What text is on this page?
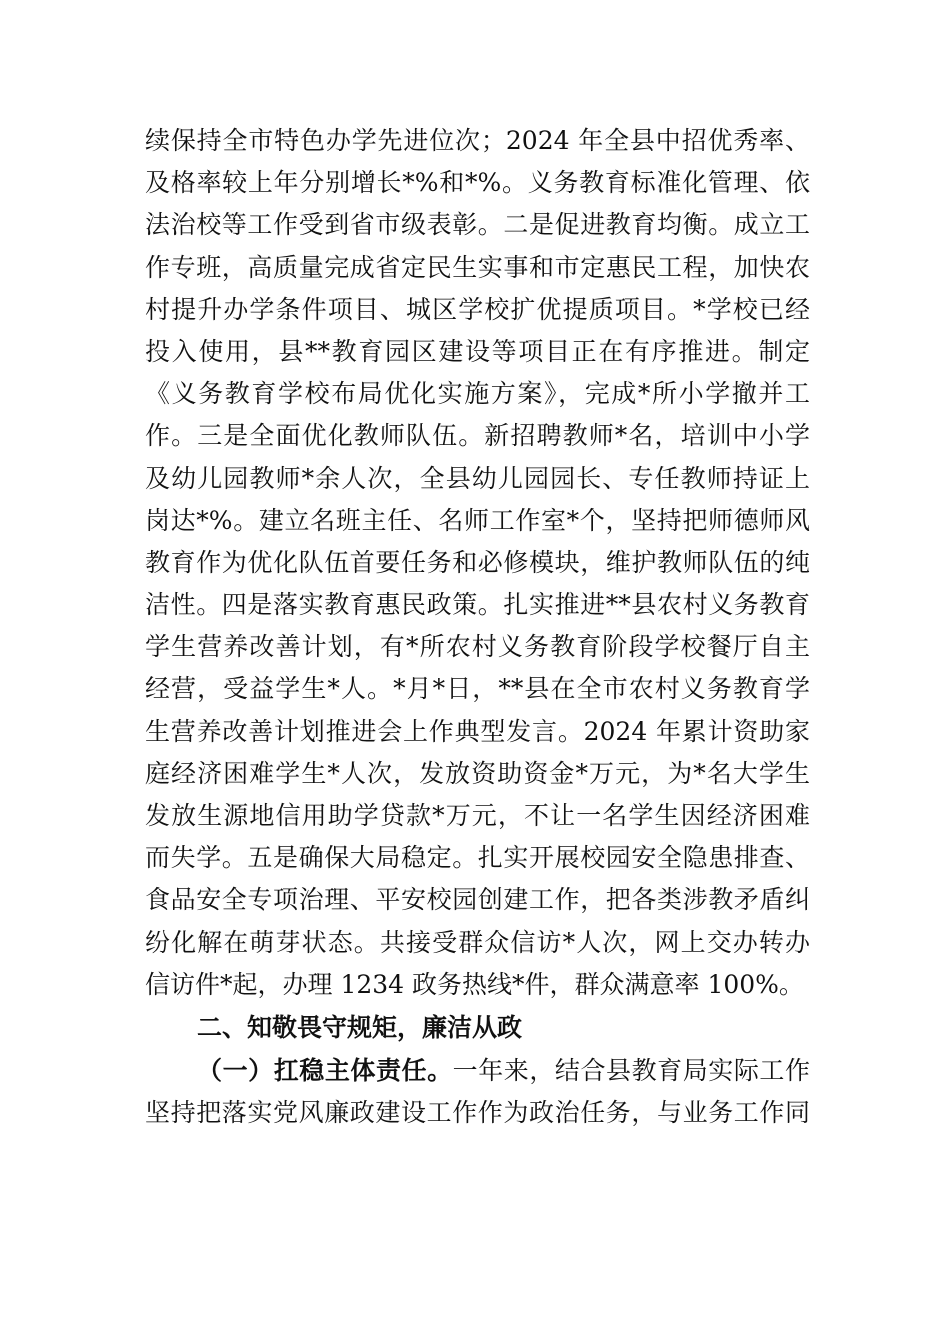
续保持全市特色办学先进位次；2024 年全县中招优秀率、
及格率较上年分别增长*%和*%。义务教育标准化管理、依
法治校等工作受到省市级表彰。二是促进教育均衡。成立工
作专班，高质量完成省定民生实事和市定惠民工程，加快农
村提升办学条件项目、城区学校扩优提质项目。*学校已经
投入使用，县**教育园区建设等项目正在有序推进。制定
《义务教育学校布局优化实施方案》，完成*所小学撤并工
作。三是全面优化教师队伍。新招聘教师*名，培训中小学
及幼儿园教师*余人次，全县幼儿园园长、专任教师持证上
岗达*%。建立名班主任、名师工作室*个，坚持把师德师风
教育作为优化队伍首要任务和必修模块，维护教师队伍的纯
洁性。四是落实教育惠民政策。扎实推进**县农村义务教育
学生营养改善计划，有*所农村义务教育阶段学校餐厅自主
经营，受益学生*人。*月*日，**县在全市农村义务教育学
生营养改善计划推进会上作典型发言。2024 年累计资助家
庭经济困难学生*人次，发放资助资金*万元，为*名大学生
发放生源地信用助学贷款*万元，不让一名学生因经济困难
而失学。五是确保大局稳定。扎实开展校园安全隐患排查、
食品安全专项治理、平安校园创建工作，把各类涉教矛盾纠
纷化解在萌芽状态。共接受群众信访*人次，网上交办转办
信访件*起，办理 1234 政务热线*件，群众满意率 100%。
二、知敬畏守规矩，廉洁从政
（一）扛稳主体责任。一年来，结合县教育局实际工作
坚持把落实党风廉政建设工作作为政治任务，与业务工作同
